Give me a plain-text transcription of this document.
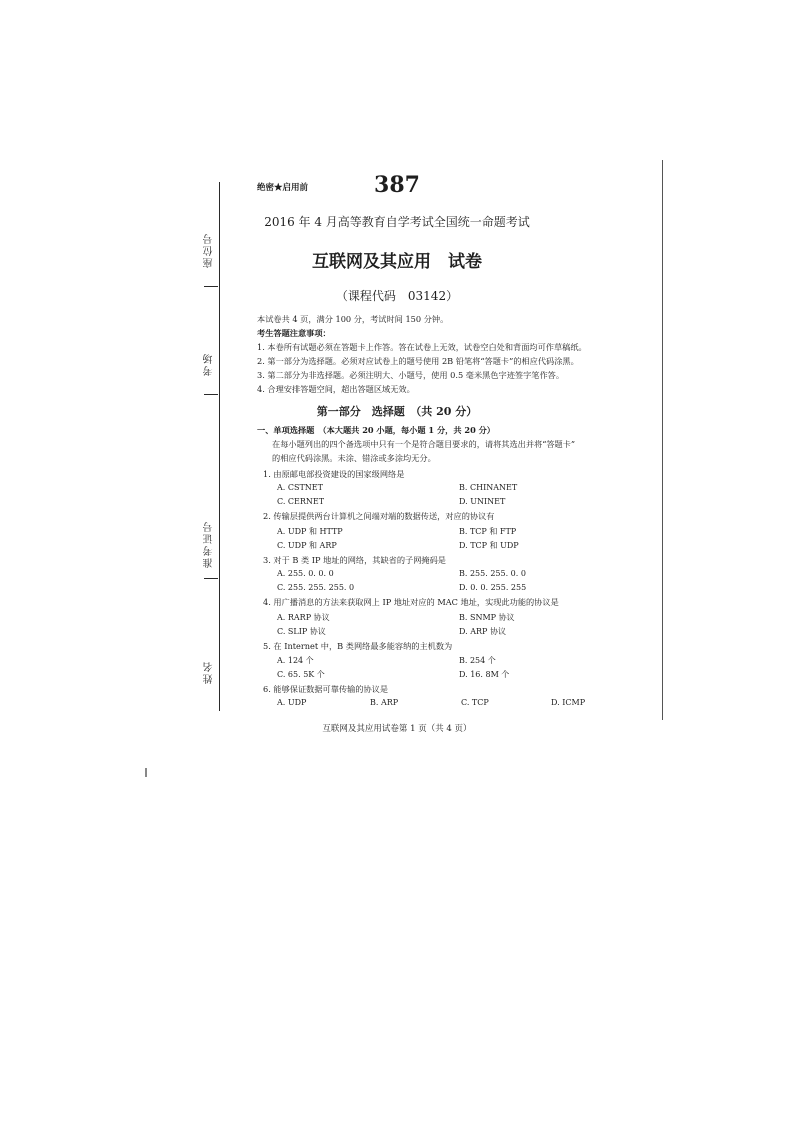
座位号
考场
准考证号
姓名
绝密★启用前	387
2016 年 4 月高等教育自学考试全国统一命题考试
互联网及其应用　试卷
（课程代码　03142）
本试卷共 4 页，满分 100 分，考试时间 150 分钟。
考生答题注意事项：
1. 本卷所有试题必须在答题卡上作答。答在试卷上无效，试卷空白处和背面均可作草稿纸。
2. 第一部分为选择题。必须对应试卷上的题号使用 2B 铅笔将“答题卡”的相应代码涂黑。
3. 第二部分为非选择题。必须注明大、小题号，使用 0.5 毫米黑色字迹签字笔作答。
4. 合理安排答题空间，超出答题区域无效。
第一部分　选择题　（共 20 分）
一、单项选择题　（本大题共 20 小题，每小题 1 分，共 20 分）
在每小题列出的四个备选项中只有一个是符合题目要求的，请将其选出并将“答题卡”
的相应代码涂黑。未涂、错涂或多涂均无分。
1. 由原邮电部投资建设的国家级网络是
A. CSTNET	B. CHINANET
C. CERNET	D. UNINET
2. 传输层提供两台计算机之间端对端的数据传送，对应的协议有
A. UDP 和 HTTP	B. TCP 和 FTP
C. UDP 和 ARP	D. TCP 和 UDP
3. 对于 B 类 IP 地址的网络，其缺省的子网掩码是
A. 255. 0. 0. 0	B. 255. 255. 0. 0
C. 255. 255. 255. 0	D. 0. 0. 255. 255
4. 用广播消息的方法来获取网上 IP 地址对应的 MAC 地址，实现此功能的协议是
A. RARP 协议	B. SNMP 协议
C. SLIP 协议	D. ARP 协议
5. 在 Internet 中，B 类网络最多能容纳的主机数为
A. 124 个	B. 254 个
C. 65. 5K 个	D. 16. 8M 个
6. 能够保证数据可靠传输的协议是
A. UDP	B. ARP	C. TCP	D. ICMP
互联网及其应用试卷第 1 页（共 4 页）
